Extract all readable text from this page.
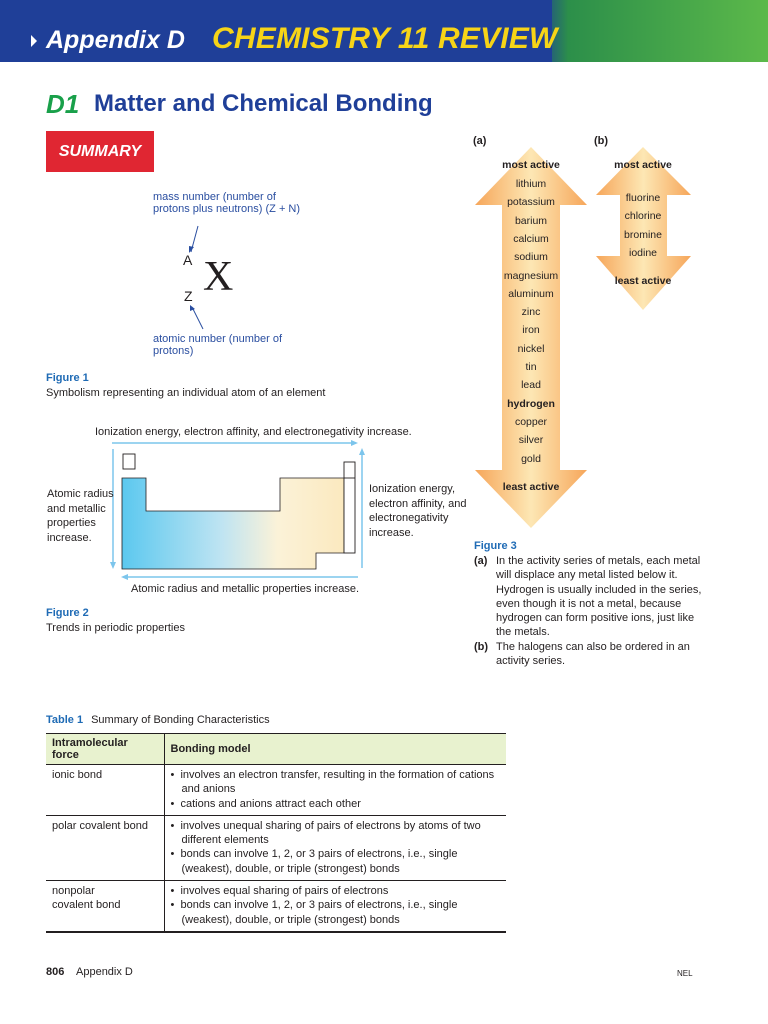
Appendix D CHEMISTRY 11 REVIEW
D1 Matter and Chemical Bonding
SUMMARY
mass number (number of protons plus neutrons) (Z + N)
A X
Z
atomic number (number of protons)
Figure 1
Symbolism representing an individual atom of an element
Ionization energy, electron affinity, and electronegativity increase.
Atomic radius and metallic properties increase.
Ionization energy, electron affinity, and electronegativity increase.
Atomic radius and metallic properties increase.
Figure 2
Trends in periodic properties
(a)	(b)
most active
lithium
potassium
barium
calcium
sodium
magnesium
aluminum
zinc
iron
nickel
tin
lead
hydrogen
copper
silver
gold
least active
most active
fluorine
chlorine
bromine
iodine
least active
Figure 3
(a) In the activity series of metals, each metal will displace any metal listed below it. Hydrogen is usually included in the series, even though it is not a metal, because hydrogen can form positive ions, just like the metals.
(b) The halogens can also be ordered in an activity series.
Table 1 Summary of Bonding Characteristics
Intramolecular force	Bonding model
ionic bond	•  involves an electron transfer, resulting in the formation of cations and anions
•  cations and anions attract each other

polar covalent bond	•  involves unequal sharing of pairs of electrons by atoms of two different elements
•  bonds can involve 1, 2, or 3 pairs of electrons, i.e., single (weakest), double, or triple (strongest) bonds

nonpolar covalent bond	•  involves equal sharing of pairs of electrons
•  bonds can involve 1, 2, or 3 pairs of electrons, i.e., single (weakest), double, or triple (strongest) bonds
806 Appendix D	NEL
